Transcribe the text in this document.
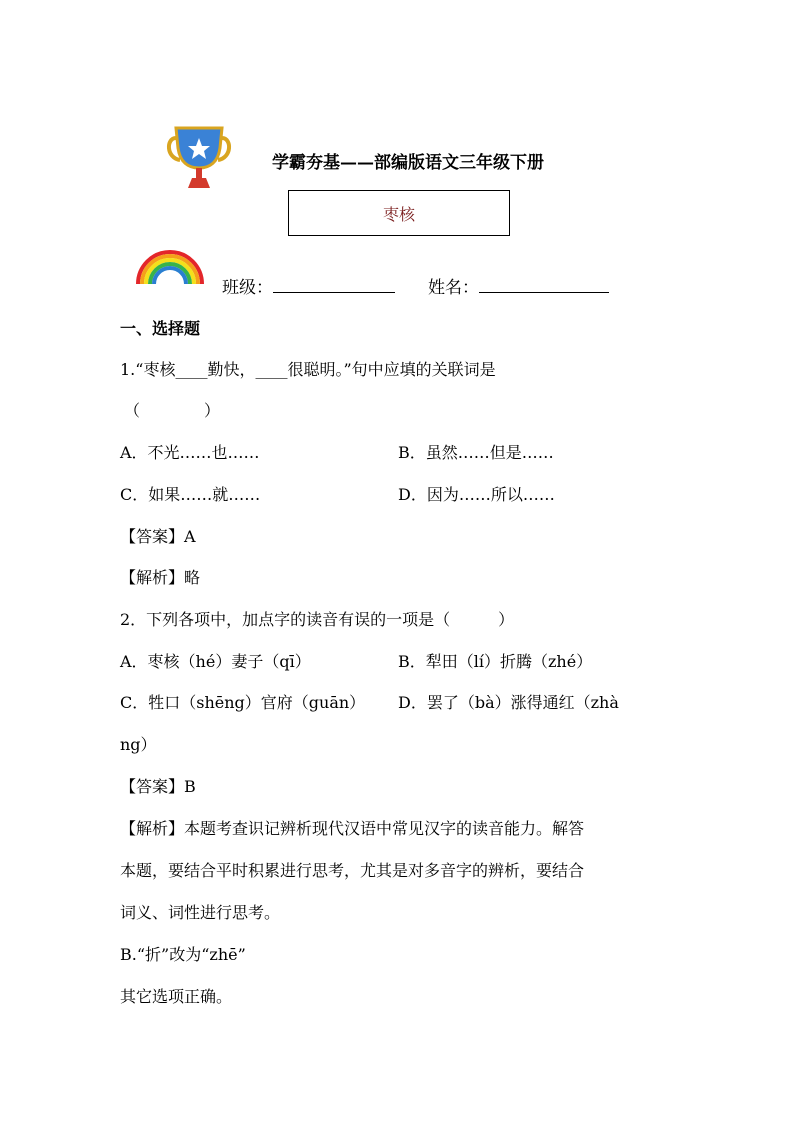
学霸夯基——部编版语文三年级下册
枣核
班级：	姓名：
一、选择题
1.“枣核____勤快，____很聪明。”句中应填的关联词是
（　　　　）
A．不光……也……	B．虽然……但是……
C．如果……就……	D．因为……所以……
【答案】A
【解析】略
2．下列各项中，加点字的读音有误的一项是（　　　）
A．枣核（hé）妻子（qī）	B．犁田（lí）折腾（zhé）
C．牲口（shēng）官府（guān） D．罢了（bà）涨得通红（zhà
ng）
【答案】B
【解析】本题考查识记辨析现代汉语中常见汉字的读音能力。解答
本题，要结合平时积累进行思考，尤其是对多音字的辨析，要结合
词义、词性进行思考。
B.“折”改为“zhē”
其它选项正确。
